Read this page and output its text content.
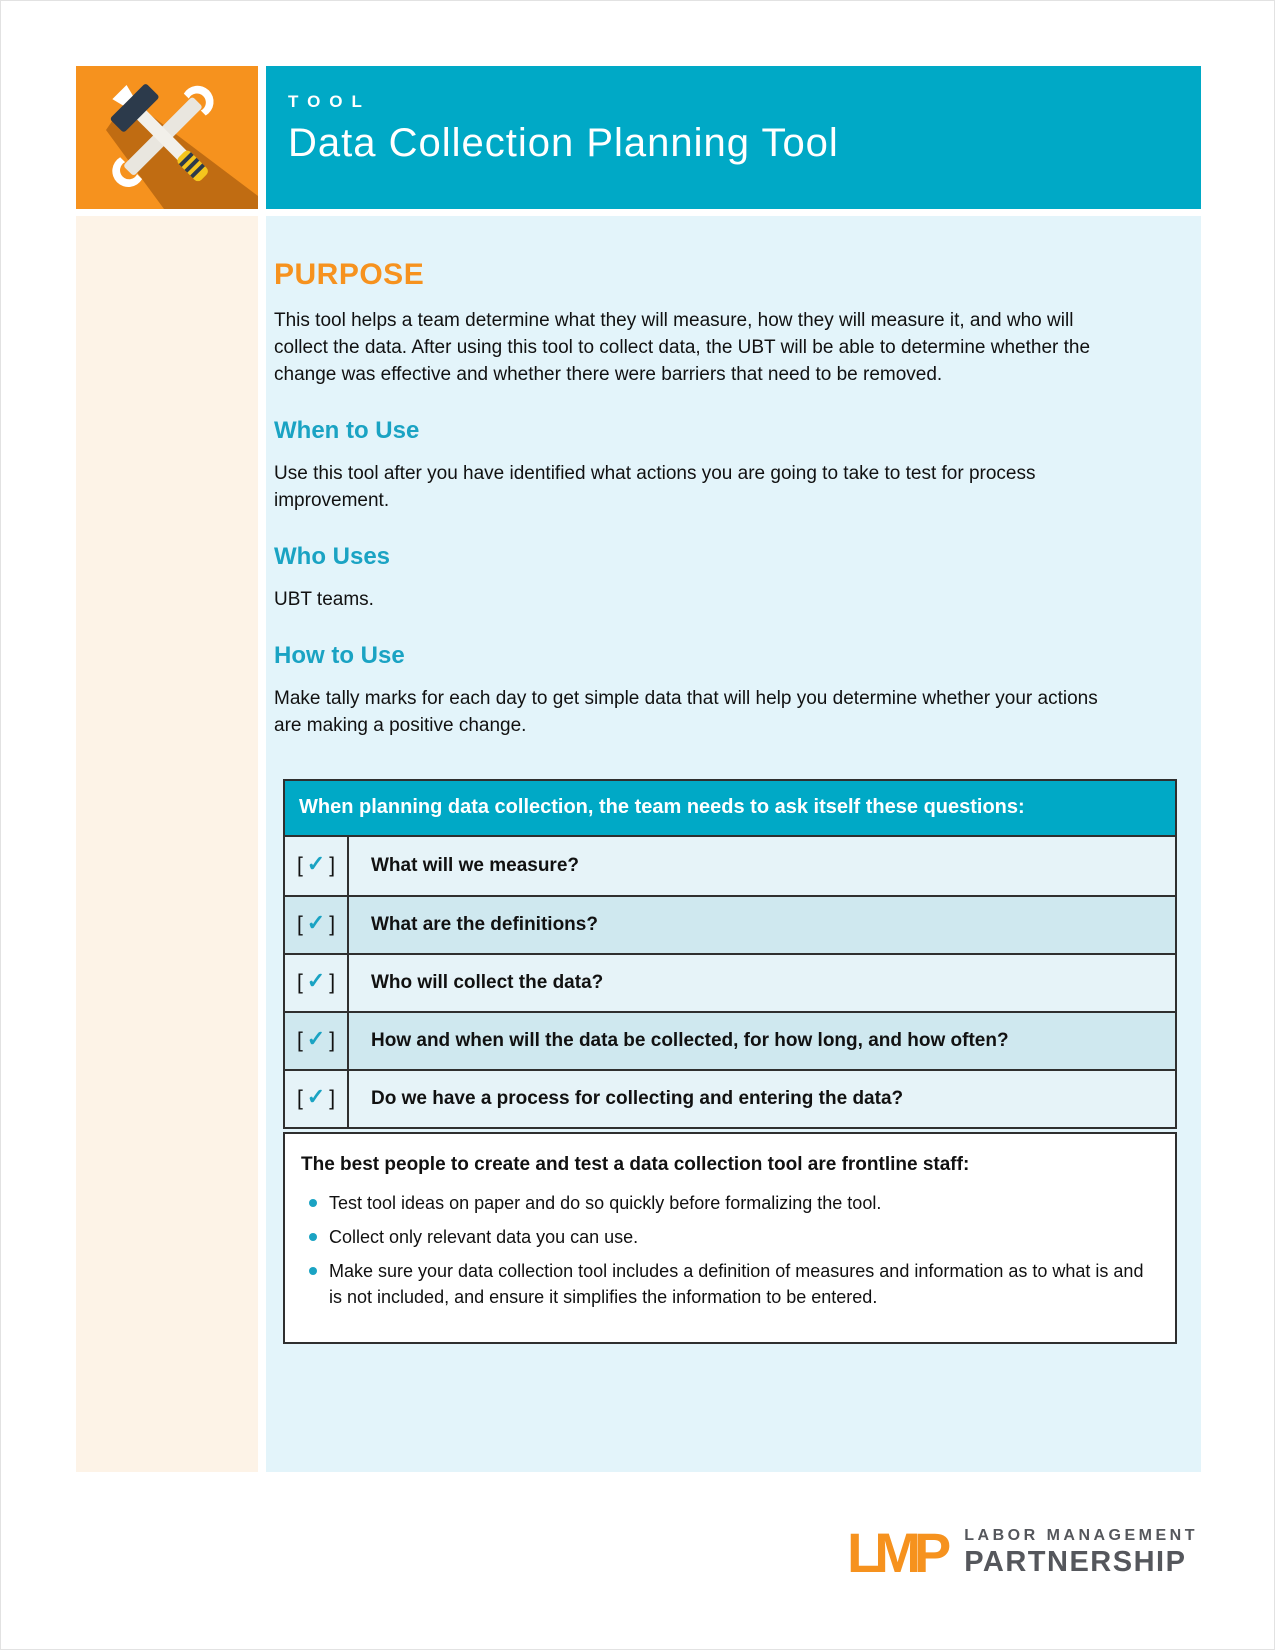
TOOL
Data Collection Planning Tool
PURPOSE

This tool helps a team determine what they will measure, how they will measure it, and who will collect the data. After using this tool to collect data, the UBT will be able to determine whether the change was effective and whether there were barriers that need to be removed.

When to Use

Use this tool after you have identified what actions you are going to take to test for process improvement.

Who Uses

UBT teams.

How to Use

Make tally marks for each day to get simple data that will help you determine whether your actions are making a positive change.

When planning data collection, the team needs to ask itself these questions:
[ ✓ ]	What will we measure?
[ ✓ ]	What are the definitions?
[ ✓ ]	Who will collect the data?
[ ✓ ]	How and when will the data be collected, for how long, and how often?
[ ✓ ]	Do we have a process for collecting and entering the data?
The best people to create and test a data collection tool are frontline staff:
Test tool ideas on paper and do so quickly before formalizing the tool.
Collect only relevant data you can use.
Make sure your data collection tool includes a definition of measures and information as to what is and is not included, and ensure it simplifies the information to be entered.
LMP	LABOR MANAGEMENT
PARTNERSHIP
